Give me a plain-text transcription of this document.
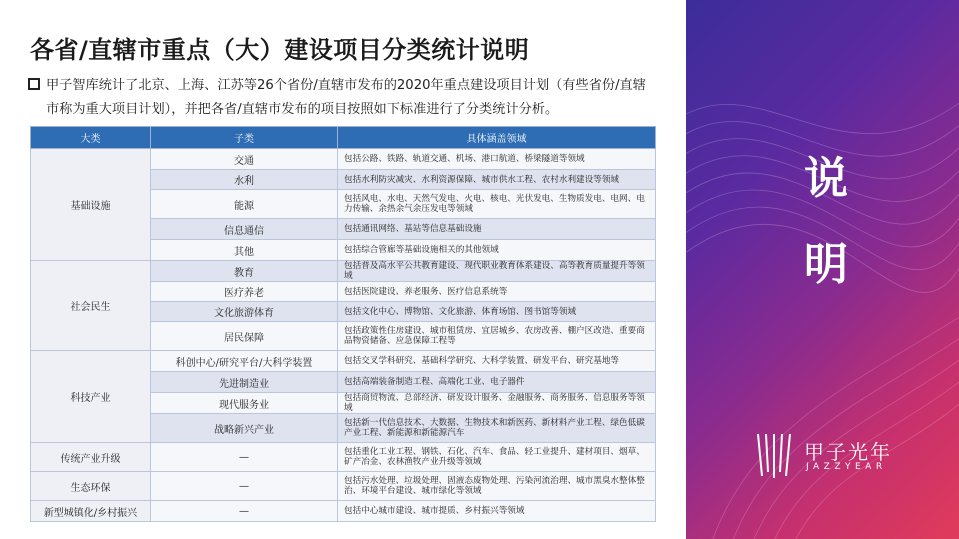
各省/直辖市重点（大）建设项目分类统计说明
甲子智库统计了北京、上海、江苏等26个省份/直辖市发布的2020年重点建设项目计划（有些省份/直辖市称为重大项目计划），并把各省/直辖市发布的项目按照如下标准进行了分类统计分析。
大类	子类	具体涵盖领域
基础设施	交通	包括公路、铁路、轨道交通、机场、港口航道、桥梁隧道等领域
	水利	包括水利防灾减灾、水利资源保障、城市供水工程、农村水利建设等领域
	能源	包括风电、水电、天然气发电、火电、核电、光伏发电、生物质发电、电网、电力传输、余热余气余压发电等领域
	信息通信	包括通讯网络、基站等信息基础设施
	其他	包括综合管廊等基础设施相关的其他领域
社会民生	教育	包括普及高水平公共教育建设、现代职业教育体系建设、高等教育质量提升等领域
	医疗养老	包括医院建设、养老服务、医疗信息系统等
	文化旅游体育	包括文化中心、博物馆、文化旅游、体育场馆、图书馆等领域
	居民保障	包括政策性住房建设、城市租赁房、宜居城乡、农房改善、棚户区改造、重要商品物资储备、应急保障工程等
科技产业	科创中心/研究平台/大科学装置	包括交叉学科研究、基础科学研究、大科学装置、研发平台、研究基地等
	先进制造业	包括高端装备制造工程、高端化工业、电子器件
	现代服务业	包括商贸物流、总部经济、研发设计服务、金融服务、商务服务、信息服务等领域
	战略新兴产业	包括新一代信息技术、大数据、生物技术和新医药、新材料产业工程、绿色低碳产业工程、新能源和新能源汽车
传统产业升级	—	包括重化工业工程、钢铁、石化、汽车、食品、轻工业提升、建材项目、烟草、矿产冶金、农林渔牧产业升级等领域
生态环保	—	包括污水处理、垃圾处理、固液态废物处理、污染河流治理、城市黑臭水整体整治、环境平台建设、城市绿化等领域
新型城镇化/乡村振兴	—	包括中心城市建设、城市提质、乡村振兴等领域
说
明
甲子光年
JAZZYEAR
